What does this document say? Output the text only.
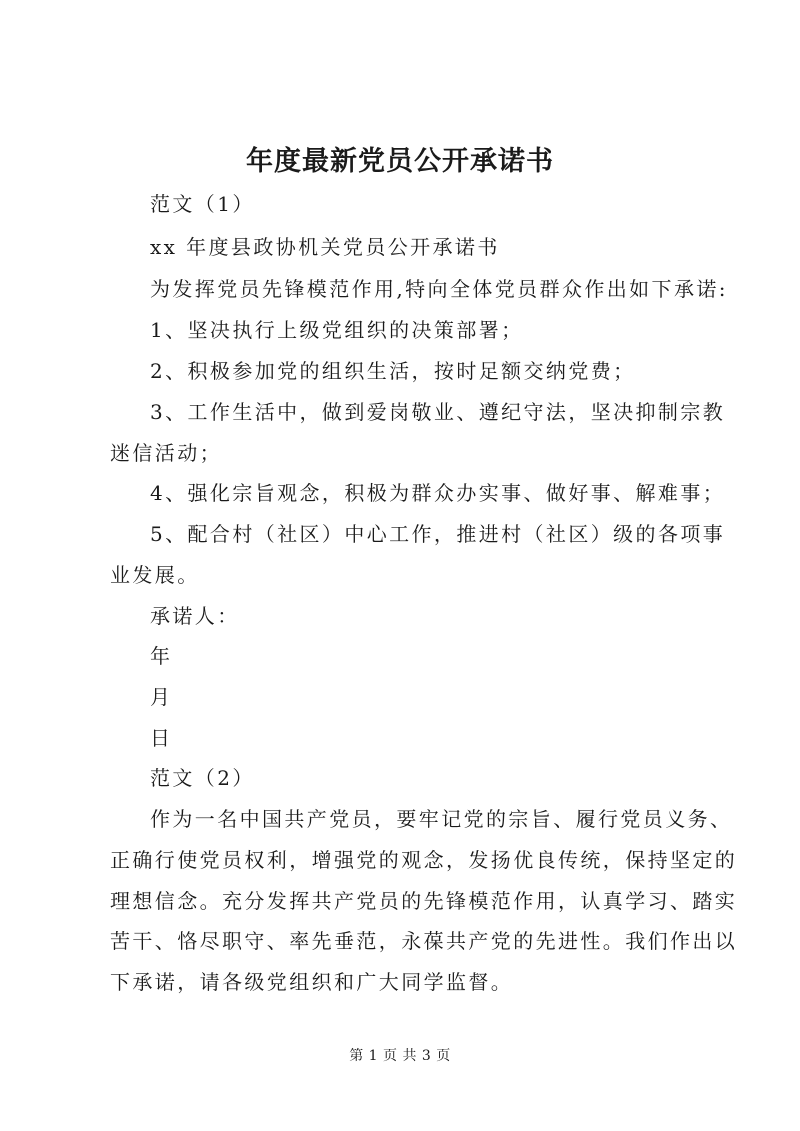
年度最新党员公开承诺书
范文（1）
xx 年度县政协机关党员公开承诺书
为发挥党员先锋模范作用,特向全体党员群众作出如下承诺:
1、坚决执行上级党组织的决策部署；
2、积极参加党的组织生活，按时足额交纳党费；
3、工作生活中，做到爱岗敬业、遵纪守法，坚决抑制宗教
迷信活动；
4、强化宗旨观念，积极为群众办实事、做好事、解难事；
5、配合村（社区）中心工作，推进村（社区）级的各项事
业发展。
承诺人：
年
月
日
范文（2）
作为一名中国共产党员，要牢记党的宗旨、履行党员义务、
正确行使党员权利，增强党的观念，发扬优良传统，保持坚定的
理想信念。充分发挥共产党员的先锋模范作用，认真学习、踏实
苦干、恪尽职守、率先垂范，永葆共产党的先进性。我们作出以
下承诺，请各级党组织和广大同学监督。
第 1 页 共 3 页
